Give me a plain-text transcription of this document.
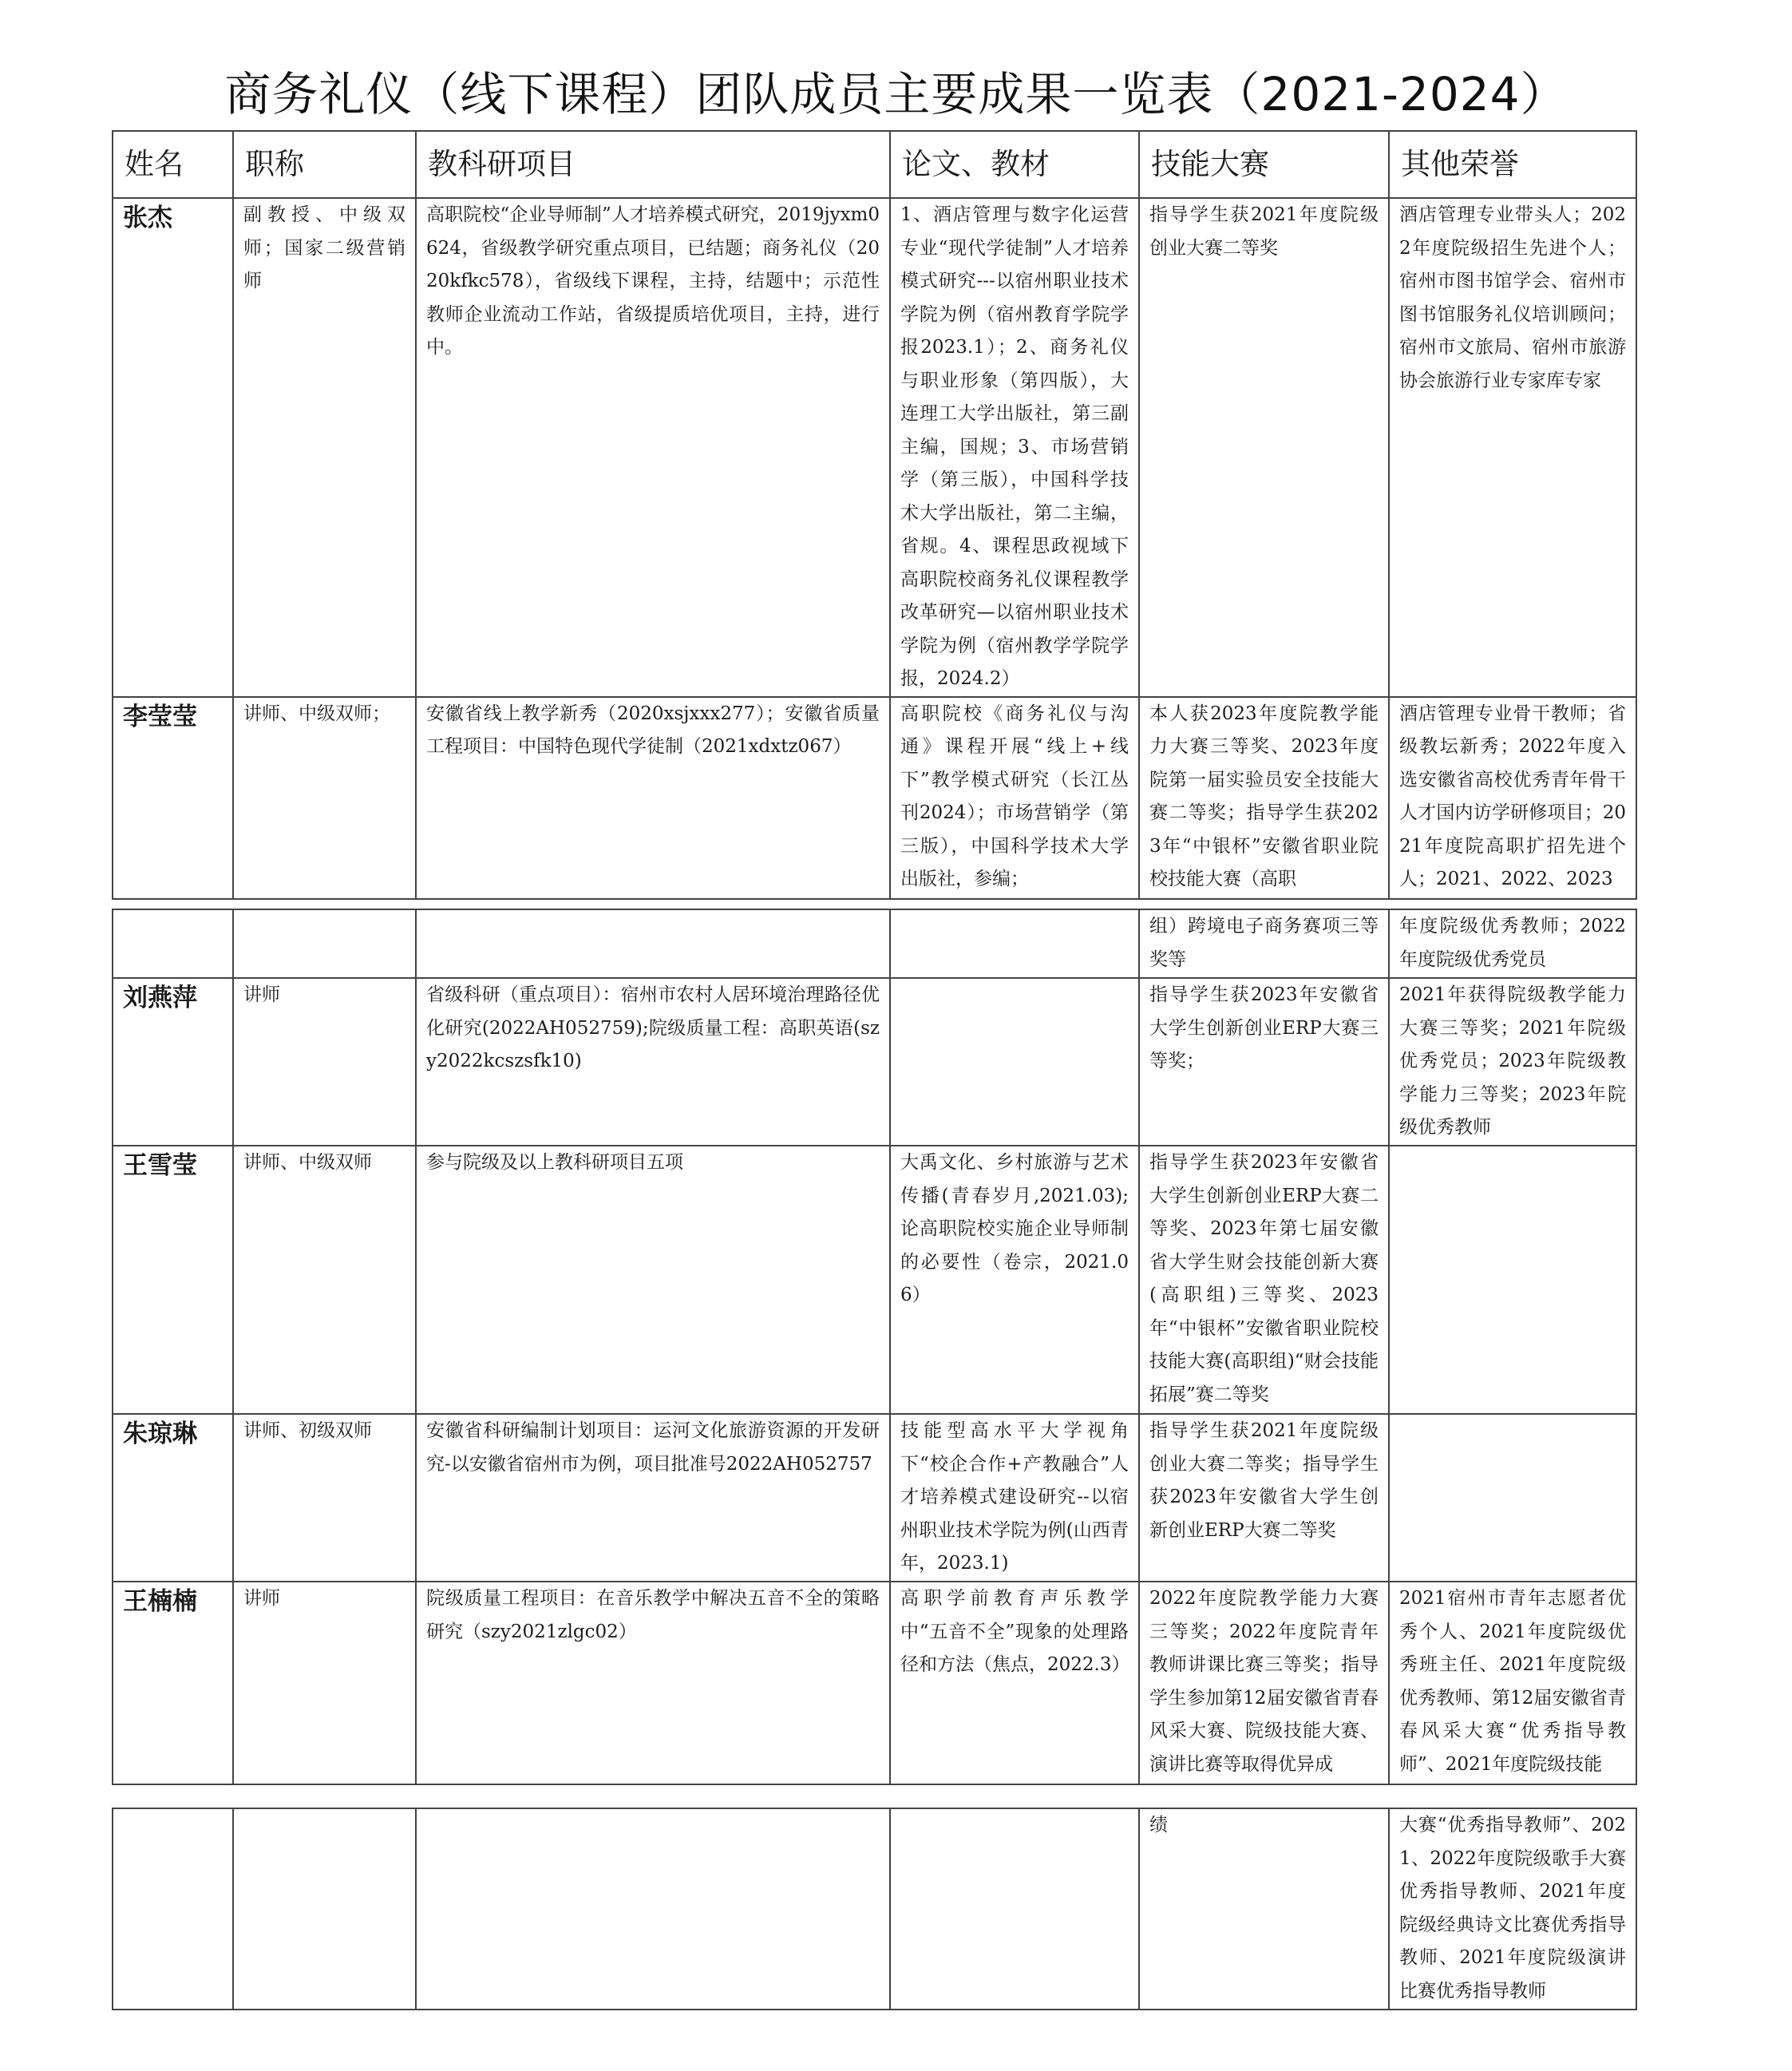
商务礼仪（线下课程）团队成员主要成果一览表（2021-2024）
姓名	职称	教科研项目	论文、教材	技能大赛	其他荣誉
张杰	副教授、中级双师；国家二级营销师	高职院校“企业导师制”人才培养模式研究，2019jyxm0624，省级教学研究重点项目，已结题；商务礼仪（2020kfkc578），省级线下课程，主持，结题中；示范性教师企业流动工作站，省级提质培优项目，主持，进行中。	1、酒店管理与数字化运营专业“现代学徒制”人才培养模式研究---以宿州职业技术学院为例（宿州教育学院学报2023.1）；2、商务礼仪与职业形象（第四版），大连理工大学出版社，第三副主编，国规；3、市场营销学（第三版），中国科学技术大学出版社，第二主编，省规。4、课程思政视域下高职院校商务礼仪课程教学改革研究—以宿州职业技术学院为例（宿州教学学院学报，2024.2）	指导学生获2021年度院级创业大赛二等奖	酒店管理专业带头人；2022年度院级招生先进个人；宿州市图书馆学会、宿州市图书馆服务礼仪培训顾问；宿州市文旅局、宿州市旅游协会旅游行业专家库专家
李莹莹	讲师、中级双师；	安徽省线上教学新秀（2020xsjxxx277）；安徽省质量工程项目：中国特色现代学徒制（2021xdxtz067）	高职院校《商务礼仪与沟通》课程开展“线上+线下”教学模式研究（长江丛刊2024）；市场营销学（第三版），中国科学技术大学出版社，参编；	本人获2023年度院教学能力大赛三等奖、2023年度院第一届实验员安全技能大赛二等奖；指导学生获2023年“中银杯”安徽省职业院校技能大赛（高职	酒店管理专业骨干教师；省级教坛新秀；2022年度入选安徽省高校优秀青年骨干人才国内访学研修项目；2021年度院高职扩招先进个人；2021、2022、2023
				组）跨境电子商务赛项三等奖等	年度院级优秀教师；2022年度院级优秀党员
刘燕萍	讲师	省级科研（重点项目）：宿州市农村人居环境治理路径优化研究(2022AH052759);院级质量工程：高职英语(szy2022kcszsfk10)		指导学生获2023年安徽省大学生创新创业ERP大赛三等奖；	2021年获得院级教学能力大赛三等奖；2021年院级优秀党员；2023年院级教学能力三等奖；2023年院级优秀教师
王雪莹	讲师、中级双师	参与院级及以上教科研项目五项	大禹文化、乡村旅游与艺术传播(青春岁月,2021.03);论高职院校实施企业导师制的必要性（卷宗，2021.06）	指导学生获2023年安徽省大学生创新创业ERP大赛二等奖、2023年第七届安徽省大学生财会技能创新大赛(高职组)三等奖、2023年“中银杯”安徽省职业院校技能大赛(高职组)“财会技能拓展”赛二等奖	
朱琼琳	讲师、初级双师	安徽省科研编制计划项目：运河文化旅游资源的开发研究-以安徽省宿州市为例，项目批准号2022AH052757	技能型高水平大学视角下“校企合作+产教融合”人才培养模式建设研究--以宿州职业技术学院为例(山西青年，2023.1)	指导学生获2021年度院级创业大赛二等奖；指导学生获2023年安徽省大学生创新创业ERP大赛二等奖	
王楠楠	讲师	院级质量工程项目：在音乐教学中解决五音不全的策略研究（szy2021zlgc02）	高职学前教育声乐教学中“五音不全”现象的处理路径和方法（焦点，2022.3）	2022年度院教学能力大赛三等奖；2022年度院青年教师讲课比赛三等奖；指导学生参加第12届安徽省青春风采大赛、院级技能大赛、演讲比赛等取得优异成	2021宿州市青年志愿者优秀个人、2021年度院级优秀班主任、2021年度院级优秀教师、第12届安徽省青春风采大赛“优秀指导教师”、2021年度院级技能
				绩	大赛“优秀指导教师”、2021、2022年度院级歌手大赛优秀指导教师、2021年度院级经典诗文比赛优秀指导教师、2021年度院级演讲比赛优秀指导教师
